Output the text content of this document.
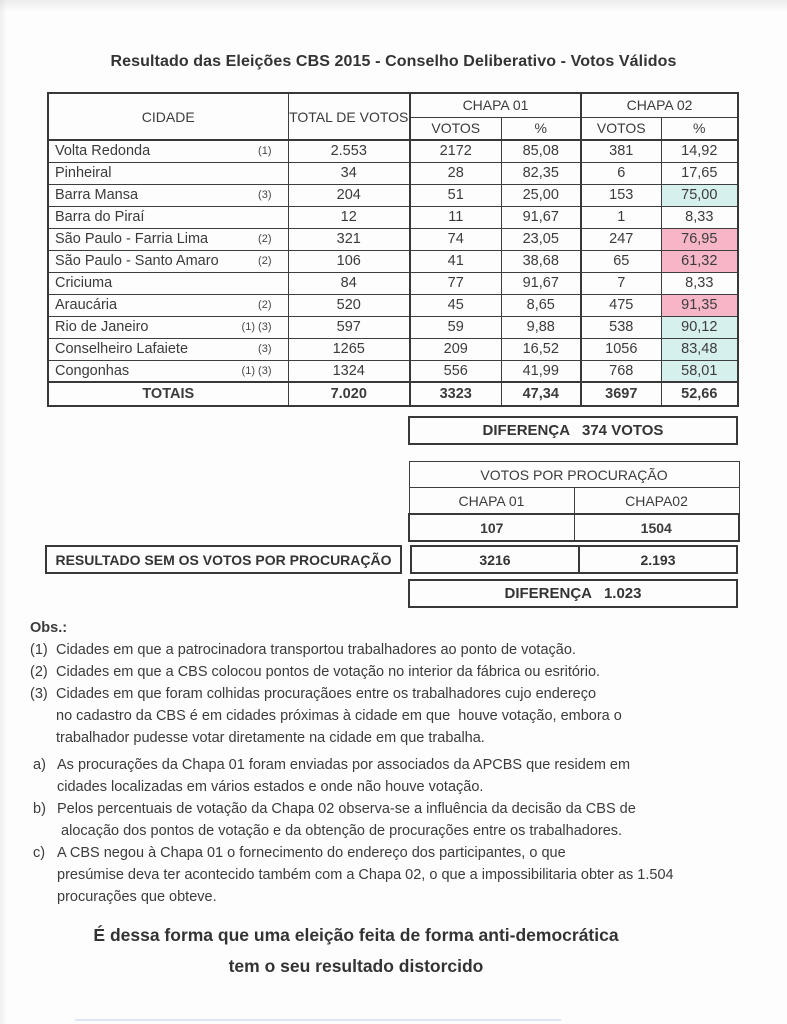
Resultado das Eleições CBS 2015 - Conselho Deliberativo - Votos Válidos
CIDADE	TOTAL DE VOTOS	CHAPA 01		CHAPA 02	
		VOTOS	%	VOTOS	%

Volta Redonda (1)	2.553	2172	85,08	381	14,92

Pinheiral	34	28	82,35	6	17,65

Barra Mansa (3)	204	51	25,00	153	75,00

Barra do Piraí	12	11	91,67	1	8,33

São Paulo - Farria Lima (2)	321	74	23,05	247	76,95

São Paulo - Santo Amaro (2)	106	41	38,68	65	61,32

Criciuma	84	77	91,67	7	8,33

Araucária (2)	520	45	8,65	475	91,35

Rio de Janeiro (1) (3)	597	59	9,88	538	90,12

Conselheiro Lafaiete (3)	1265	209	16,52	1056	83,48

Congonhas (1) (3)	1324	556	41,99	768	58,01
TOTAIS	7.020	3323	47,34	3697	52,66
DIFERENÇA   374 VOTOS
VOTOS POR PROCURAÇÃO	
CHAPA 01	CHAPA02
107	1504
RESULTADO SEM OS VOTOS POR PROCURAÇÃO	3216	2.193
DIFERENÇA   1.023
Obs.:
(1) Cidades em que a patrocinadora transportou trabalhadores ao ponto de votação.
(2) Cidades em que a CBS colocou pontos de votação no interior da fábrica ou esritório.
(3) Cidades em que foram colhidas procuraçãoes entre os trabalhadores cujo endereço
no cadastro da CBS é em cidades próximas à cidade em que  houve votação, embora o
trabalhador pudesse votar diretamente na cidade em que trabalha.
a) As procurações da Chapa 01 foram enviadas por associados da APCBS que residem em
cidades localizadas em vários estados e onde não houve votação.
b) Pelos percentuais de votação da Chapa 02 observa-se a influência da decisão da CBS de
alocação dos pontos de votação e da obtenção de procurações entre os trabalhadores.
c) A CBS negou à Chapa 01 o fornecimento do endereço dos participantes, o que
presúmise deva ter acontecido também com a Chapa 02, o que a impossibilitaria obter as 1.504
procurações que obteve.
É dessa forma que uma eleição feita de forma anti-democrática
tem o seu resultado distorcido
